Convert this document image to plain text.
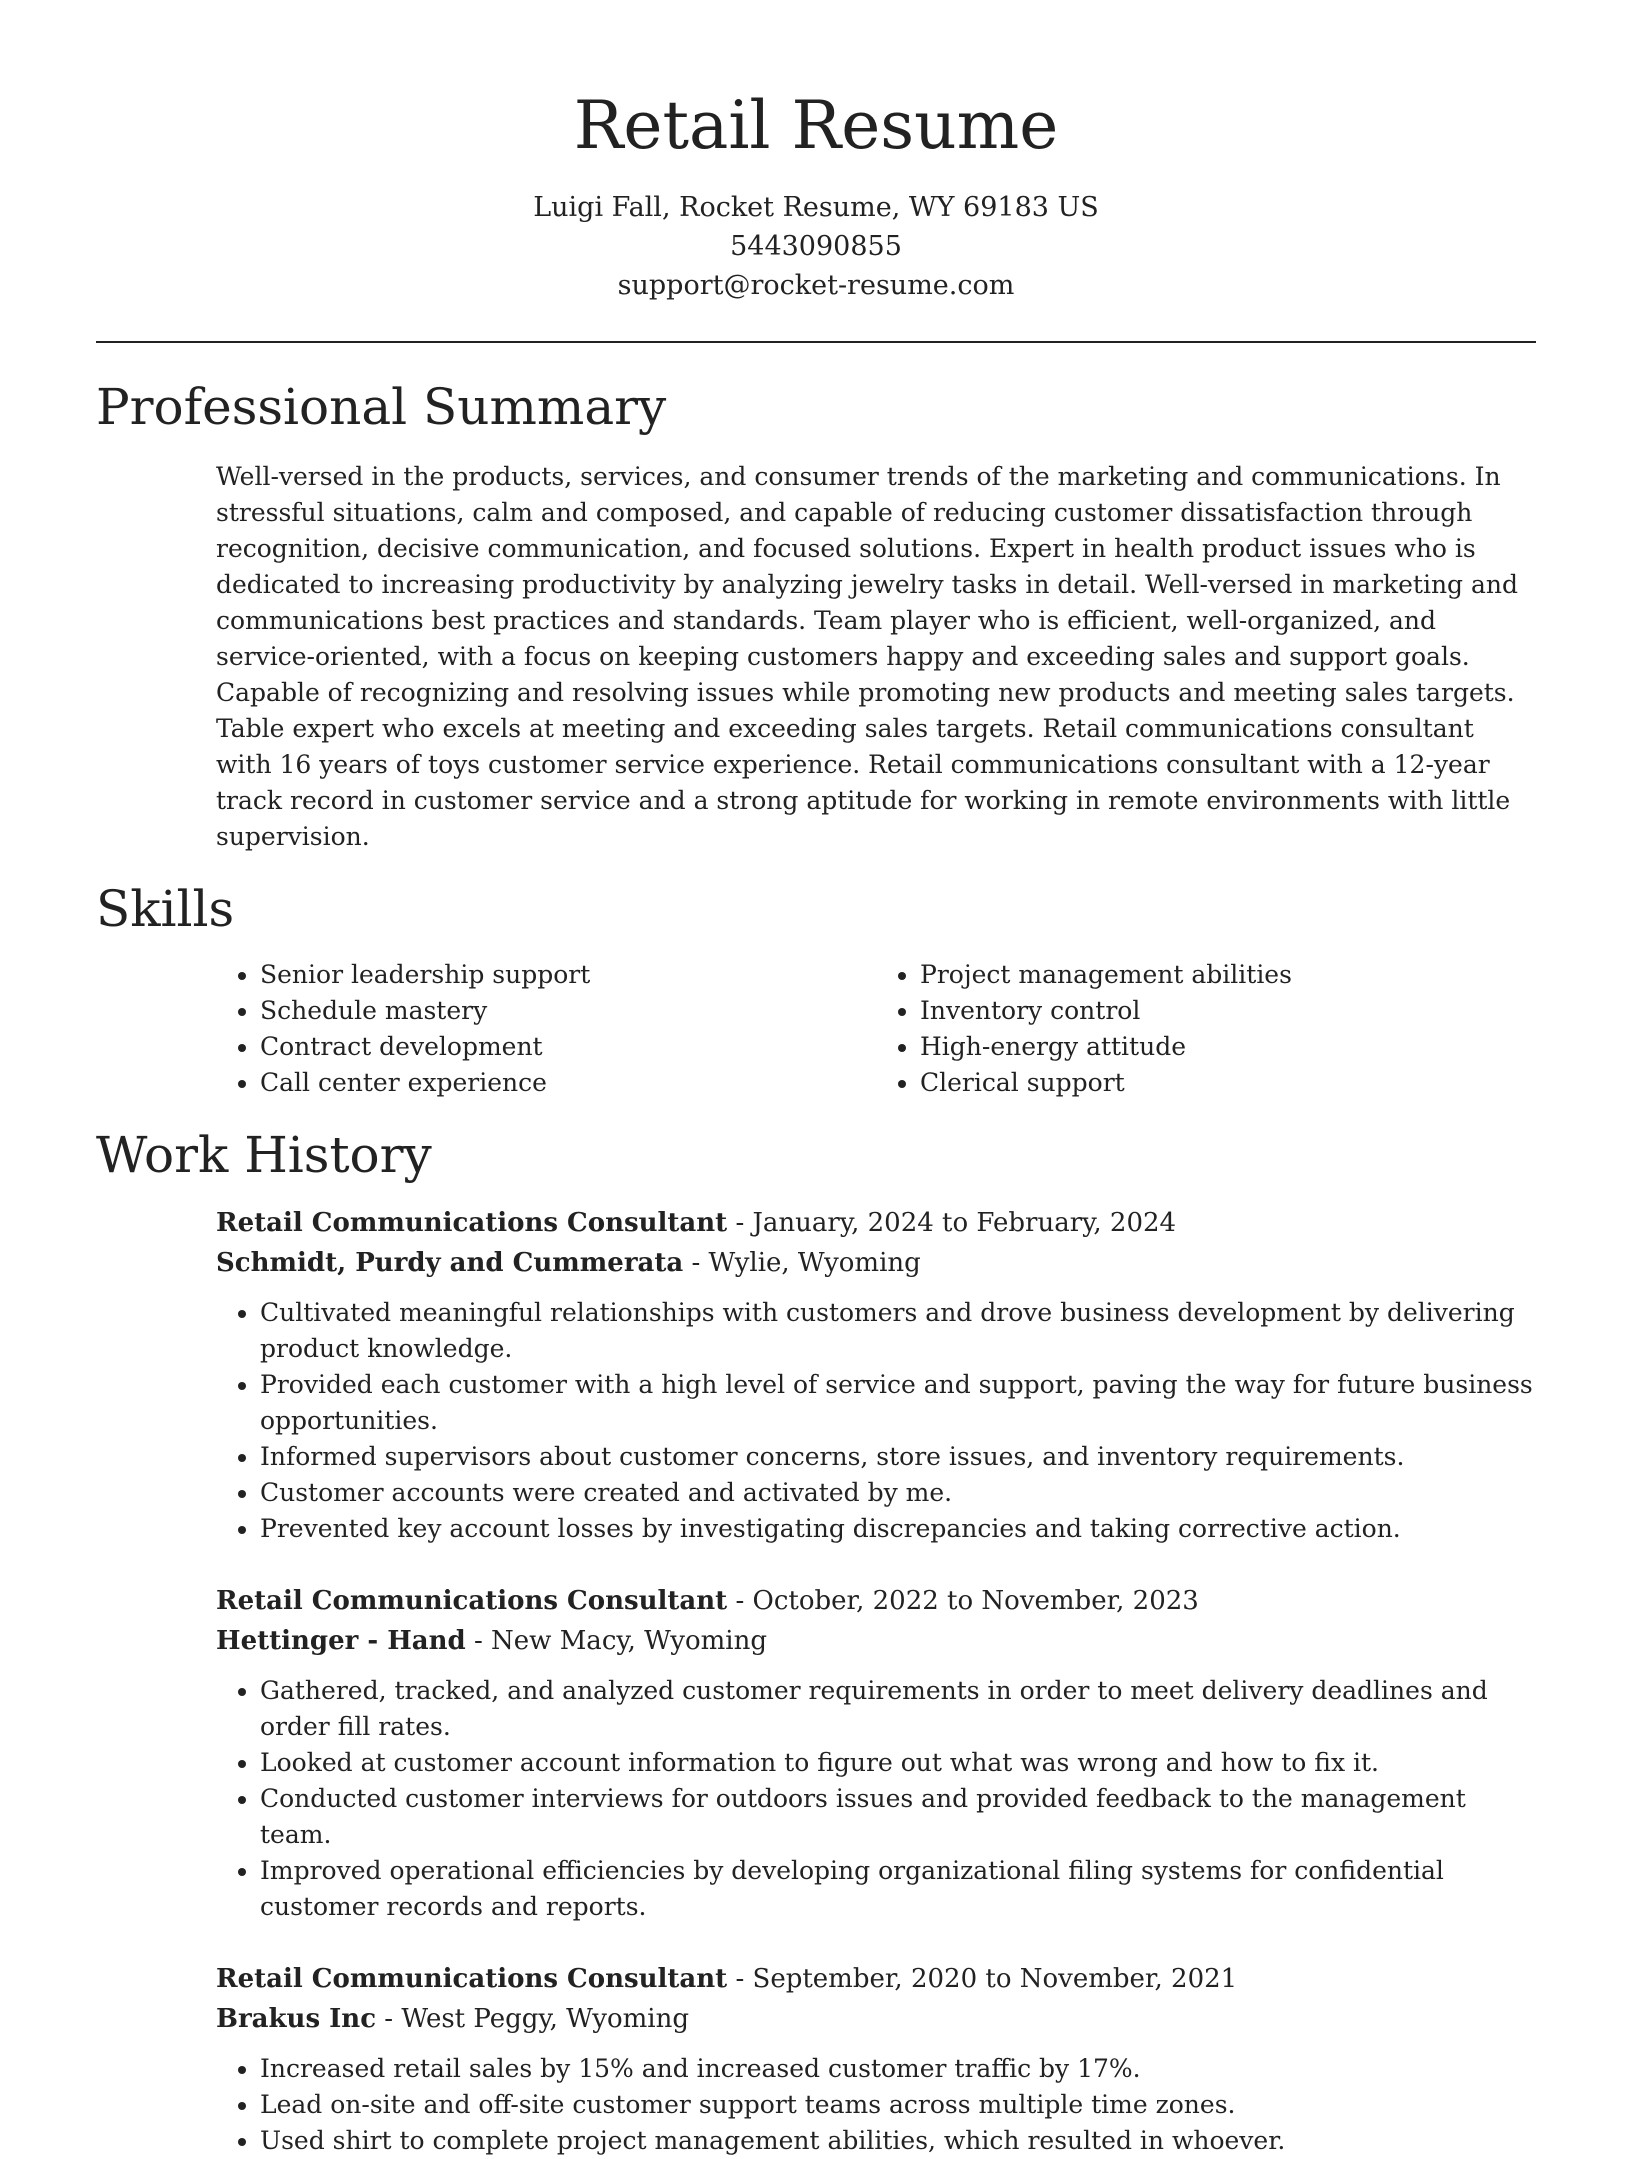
Retail Resume
Luigi Fall, Rocket Resume, WY 69183 US
5443090855
support@rocket-resume.com
Professional Summary

Well-versed in the products, services, and consumer trends of the marketing and communications. In stressful situations, calm and composed, and capable of reducing customer dissatisfaction through recognition, decisive communication, and focused solutions. Expert in health product issues who is dedicated to increasing productivity by analyzing jewelry tasks in detail. Well-versed in marketing and communications best practices and standards. Team player who is efficient, well-organized, and service-oriented, with a focus on keeping customers happy and exceeding sales and support goals. Capable of recognizing and resolving issues while promoting new products and meeting sales targets. Table expert who excels at meeting and exceeding sales targets. Retail communications consultant with 16 years of toys customer service experience. Retail communications consultant with a 12-year track record in customer service and a strong aptitude for working in remote environments with little supervision.

Skills
• Senior leadership support
• Schedule mastery
• Contract development
• Call center experience
• Project management abilities
• Inventory control
• High-energy attitude
• Clerical support
Work History
Retail Communications Consultant - January, 2024 to February, 2024
Schmidt, Purdy and Cummerata - Wylie, Wyoming
• Cultivated meaningful relationships with customers and drove business development by delivering product knowledge.
• Provided each customer with a high level of service and support, paving the way for future business opportunities.
• Informed supervisors about customer concerns, store issues, and inventory requirements.
• Customer accounts were created and activated by me.
• Prevented key account losses by investigating discrepancies and taking corrective action.
Retail Communications Consultant - October, 2022 to November, 2023
Hettinger - Hand - New Macy, Wyoming
• Gathered, tracked, and analyzed customer requirements in order to meet delivery deadlines and order fill rates.
• Looked at customer account information to figure out what was wrong and how to fix it.
• Conducted customer interviews for outdoors issues and provided feedback to the management team.
• Improved operational efficiencies by developing organizational filing systems for confidential customer records and reports.
Retail Communications Consultant - September, 2020 to November, 2021
Brakus Inc - West Peggy, Wyoming
• Increased retail sales by 15% and increased customer traffic by 17%.
• Lead on-site and off-site customer support teams across multiple time zones.
• Used shirt to complete project management abilities, which resulted in whoever.
